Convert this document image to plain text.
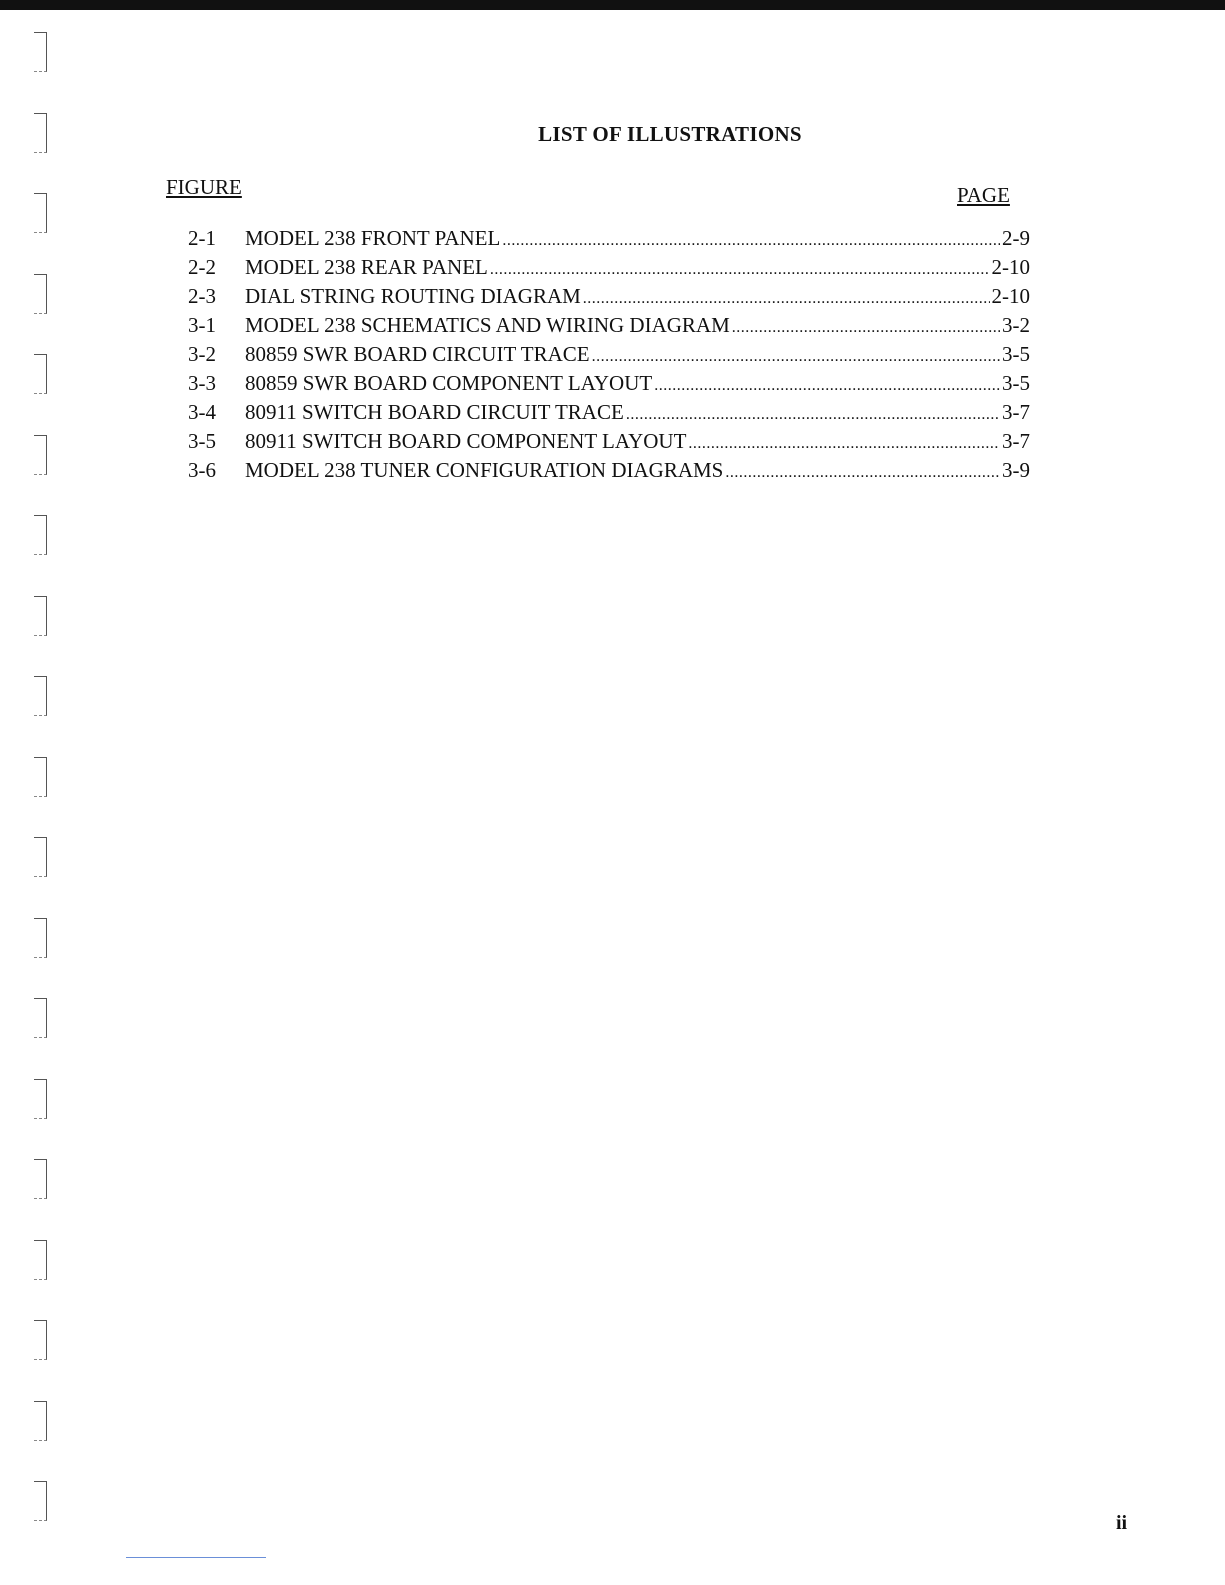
LIST OF ILLUSTRATIONS
FIGURE	PAGE
2-1	MODEL 238 FRONT PANEL .....	2-9
2-2	MODEL 238 REAR PANEL .....	2-10
2-3	DIAL STRING ROUTING DIAGRAM .....	2-10
3-1	MODEL 238 SCHEMATICS AND WIRING DIAGRAM .....	3-2
3-2	80859 SWR BOARD CIRCUIT TRACE .....	3-5
3-3	80859 SWR BOARD COMPONENT LAYOUT .....	3-5
3-4	80911 SWITCH BOARD CIRCUIT TRACE .....	3-7
3-5	80911 SWITCH BOARD COMPONENT LAYOUT .....	3-7
3-6	MODEL 238 TUNER CONFIGURATION DIAGRAMS .....	3-9
ii
